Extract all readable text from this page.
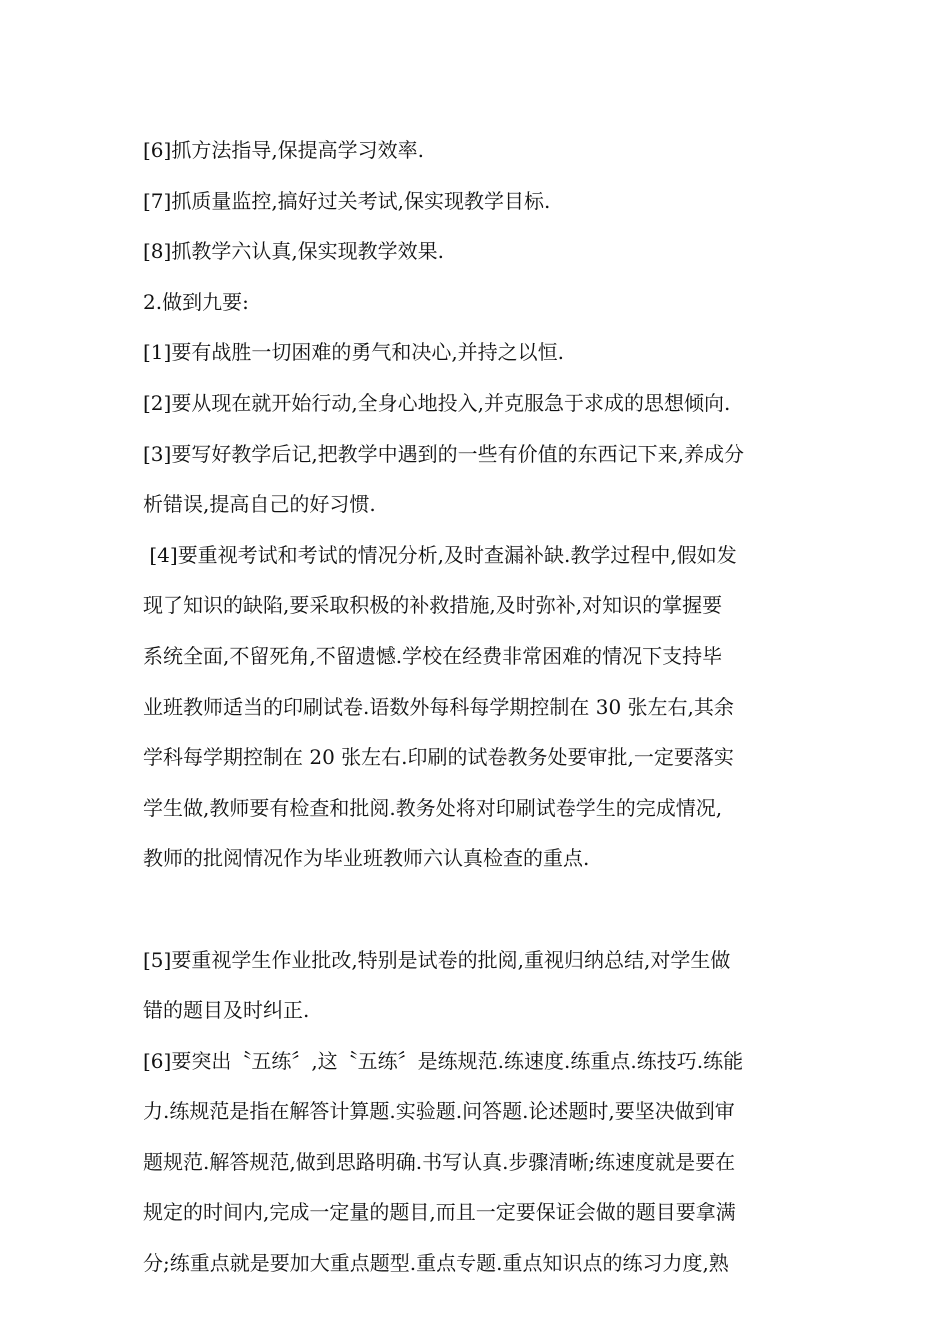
[6]抓方法指导,保提高学习效率.

[7]抓质量监控,搞好过关考试,保实现教学目标.

[8]抓教学六认真,保实现教学效果.

2.做到九要:

[1]要有战胜一切困难的勇气和决心,并持之以恒.

[2]要从现在就开始行动,全身心地投入,并克服急于求成的思想倾向.

[3]要写好教学后记,把教学中遇到的一些有价值的东西记下来,养成分
析错误,提高自己的好习惯.

[4]要重视考试和考试的情况分析,及时查漏补缺.教学过程中,假如发
现了知识的缺陷,要采取积极的补救措施,及时弥补,对知识的掌握要
系统全面,不留死角,不留遗憾.学校在经费非常困难的情况下支持毕
业班教师适当的印刷试卷.语数外每科每学期控制在 30 张左右,其余
学科每学期控制在 20 张左右.印刷的试卷教务处要审批,一定要落实
学生做,教师要有检查和批阅.教务处将对印刷试卷学生的完成情况,
教师的批阅情况作为毕业班教师六认真检查的重点.

[5]要重视学生作业批改,特别是试卷的批阅,重视归纳总结,对学生做
错的题目及时纠正.

[6]要突出〝五练〞,这〝五练〞是练规范.练速度.练重点.练技巧.练能
力.练规范是指在解答计算题.实验题.问答题.论述题时,要坚决做到审
题规范.解答规范,做到思路明确.书写认真.步骤清晰;练速度就是要在
规定的时间内,完成一定量的题目,而且一定要保证会做的题目要拿满
分;练重点就是要加大重点题型.重点专题.重点知识点的练习力度,熟
